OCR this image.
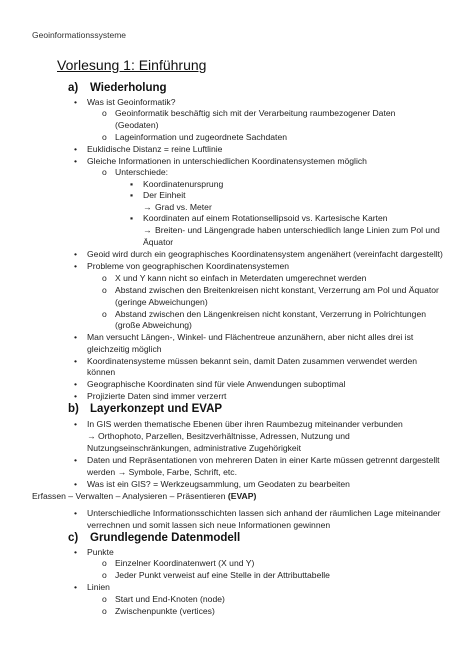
Geoinformationssysteme
Vorlesung 1: Einführung
a) Wiederholung
• Was ist Geoinformatik?
o Geoinformatik beschäftig sich mit der Verarbeitung raumbezogener Daten
(Geodaten)
o Lageinformation und zugeordnete Sachdaten
• Euklidische Distanz = reine Luftlinie
• Gleiche Informationen in unterschiedlichen Koordinatensystemen möglich
o Unterschiede:
▪ Koordinatenursprung
▪ Der Einheit
→ Grad vs. Meter
▪ Koordinaten auf einem Rotationsellipsoid vs. Kartesische Karten
→ Breiten- und Längengrade haben unterschiedlich lange Linien zum Pol und
Äquator
• Geoid wird durch ein geographisches Koordinatensystem angenähert (vereinfacht dargestellt)
• Probleme von geographischen Koordinatensystemen
o X und Y kann nicht so einfach in Meterdaten umgerechnet werden
o Abstand zwischen den Breitenkreisen nicht konstant, Verzerrung am Pol und Äquator
(geringe Abweichungen)
o Abstand zwischen den Längenkreisen nicht konstant, Verzerrung in Polrichtungen
(große Abweichung)
• Man versucht Längen-, Winkel- und Flächentreue anzunähern, aber nicht alles drei ist
gleichzeitig möglich
• Koordinatensysteme müssen bekannt sein, damit Daten zusammen verwendet werden
können
• Geographische Koordinaten sind für viele Anwendungen suboptimal
• Projizierte Daten sind immer verzerrt
b) Layerkonzept und EVAP
• In GIS werden thematische Ebenen über ihren Raumbezug miteinander verbunden
→ Orthophoto, Parzellen, Besitzverhältnisse, Adressen, Nutzung und
Nutzungseinschränkungen, administrative Zugehörigkeit
• Daten und Repräsentationen von mehreren Daten in einer Karte müssen getrennt dargestellt
werden → Symbole, Farbe, Schrift, etc.
• Was ist ein GIS? = Werkzeugsammlung, um Geodaten zu bearbeiten
Erfassen – Verwalten – Analysieren – Präsentieren (EVAP)
• Unterschiedliche Informationsschichten lassen sich anhand der räumlichen Lage miteinander
verrechnen und somit lassen sich neue Informationen gewinnen
c) Grundlegende Datenmodell
• Punkte
o Einzelner Koordinatenwert (X und Y)
o Jeder Punkt verweist auf eine Stelle in der Attributtabelle
• Linien
o Start und End-Knoten (node)
o Zwischenpunkte (vertices)
